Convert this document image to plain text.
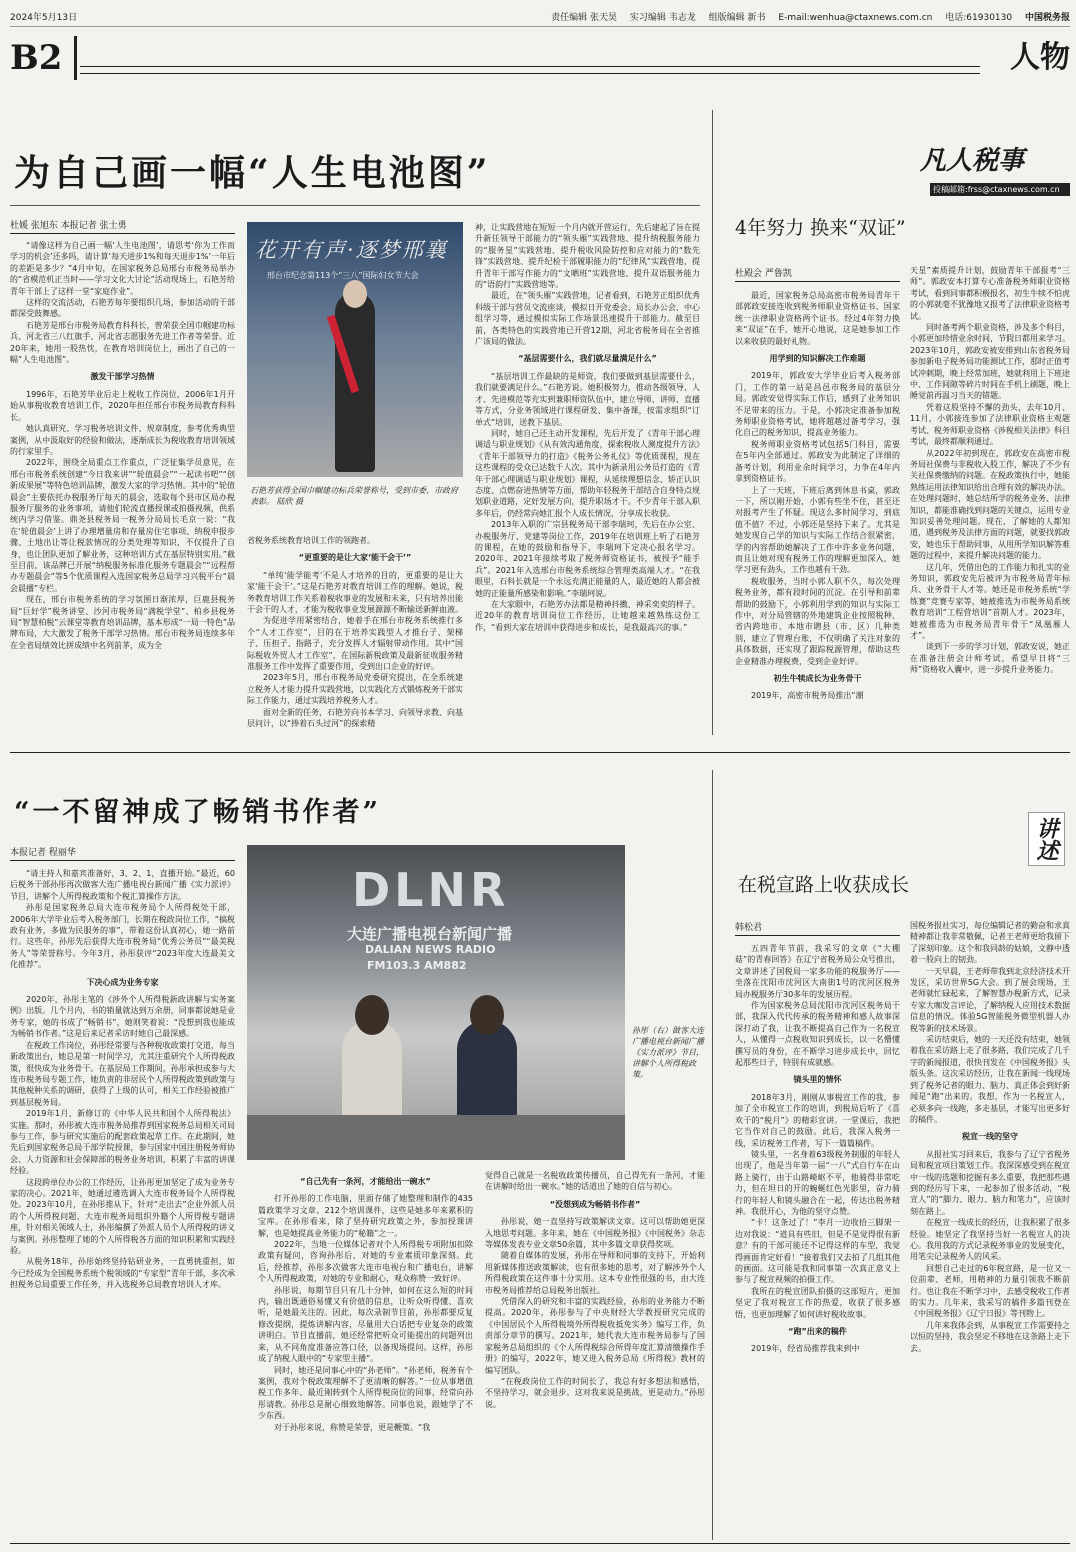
2024年5月13日	责任编辑 张天昊 实习编辑 韦志龙 组版编辑 新书 E-mail:wenhua@ctaxnews.com.cn 电话:61930130 中国税务报
B2	人物
为自己画一幅“人生电池图”
杜媛 张旭东 本报记者 张士勇

“请像这样为自己画一幅‘人生电池图’，请思考‘你为工作而学习的机会’还多吗，请计算‘每天进步1%和每天退步1%’一年后的差距是多少？”4月中旬，在国家税务总局邢台市税务局举办的“省模范机正当时——学习文化大讨论”活动现场上，石艳芳给青年干部上了这样一堂“家庭作业”。

这样的交流活动，石艳芳每年要组织几场，参加活动的干部都深受鼓舞感。

石艳芳是邢台市税务局教育科科长，曾荣获全国巾帼建功标兵、河北省三八红旗手、河北省志愿服务先进工作者等荣誉。近20年来，她用一股热忱，在教育培训岗位上，画出了自己的一幅“人生电池图”。

激发干部学习热情

1996年，石艳芳毕业后走上税收工作岗位，2006年1月开始从事税收教育培训工作，2020年担任邢台市税务局教育科科长。

她认真研究、学习税务培训文件、规章制度，参考优秀典型案例，从中汲取好的经验和做法，逐渐成长为税收教育培训领域的行家里手。

2022年，围绕全局重点工作重点，广泛征集学员意见，在邢台市税务系统创建“今日我来讲”“轮值晨会”“一起读书吧”“创新成果展”等特色培训品牌，激发大家的学习热情。其中的“轮值晨会”主要依托办税服务厅每天的晨会，选取每个县市区局办税服务厅服务的业务事项，请他们轮流直播授课或拍摄视频，供系统内学习借鉴。鼎尧县税务局一税务分局局长毛京一说：“我在‘轮值晨会’上讲了办理增量房和存量房住宅事项、纳税申报步骤、土地出让等让税款情况的分类处理等知识，不仅提升了自身，也让团队更加了解业务，这种培训方式在基层特别实用。”截至目前，该品牌已开展“纳税服务标准化服务专题晨会”“远程帮办专题晨会”等5个优质课程入选国家税务总局学习兴税平台“晨会晨播”专栏。

现在，邢台市税务系统的学习氛围日渐浓厚，巨鹿县税务局“巨好学”税务讲堂、沙河市税务局“满税学堂”、柏乡县税务局“智慧柏税”云课堂等教育培训品牌，基本形成“一局一特色”品牌布局，大大激发了税务干部学习热情。邢台市税务局连续多年在全省局绩效比拼成绩中名列前茅，成为全

花开有声·逐梦邢襄
邢台市纪念第113个“三八”国际妇女节大会
石艳芳获得全国巾帼建功标兵荣誉称号，受到市委、市政府表彰。 陆欣 摄

省税务系统教育培训工作的领跑者。

“更重要的是让大家‘能干会干’”

“单纯‘能学能考’不是人才培养的目的，更重要的是让大家‘能干会干’。”这是石艳芳对教育培训工作的理解。她说，税务教育培训工作关系着税收事业的发展和未来，只有培养出能干会干的人才，才能为税收事业发展源源不断输送新鲜血液。

为促进学用紧密结合，她着手在邢台市税务系统推行多个“人才工作室”，目的在于培养实践型人才推台子、架梯子、压担子、指路子，充分发挥人才辐射带动作用。其中“国际税收外贸人才工作室”，在国际新税政策及最新征收服务精准服务工作中发挥了重要作用，受到出口企业的好评。

2023年5月，邢台市税务局党委研究提出，在全系统建立税务人才能力提升实践营地，以实践化方式锻炼税务干部实际工作能力，通过实践培养税务人才。

面对全新的任务，石艳芳向书本学习、向领导求教、向基层问计，以“捧着石头过河”的探索精

神，让实践营地在短短一个月内就开营运行，先后建起了旨在提升新任领导干部能力的“领头雁”实践营地、提升纳税服务能力的“服务星”实践营地、提升税收风险防控和应对能力的“数先锋”实践营地、提升纪检干部履职能力的“纪律风”实践营地、提升青年干部写作能力的“文晒班”实践营地、提升双语服务能力的“语韵行”实践营地等。

最近，在“领头雁”实践营地，记者看到，石艳芳正组织优秀科级干部与营员交流座谈，模拟日开党委会、局长办公会、中心组学习等，通过模拟实际工作场景迅速提升干部能力。截至目前，各类特色的实践营地已开营12期，河北省税务局在全省推广该局的做法。

“基层需要什么，我们就尽量满足什么”

“基层培训工作最缺的是师资，我们要做到基层需要什么，我们就要满足什么。”石艳芳说。她积极努力，推动各级领导、人才、先进模范等充实到兼职师资队伍中，建立导师、讲师、直播等方式，分业务领域进行课程研发、集中备课，按需求组织“订单式”培训，送教下基层。

同时，她自己还主动开发课程，先后开发了《青年干部心理调适与职业规划》《从有效沟通角度，探索税收人测度提升方法》《青年干部领导力的打造》《税务公务礼仪》等优质课程，现在这些课程的受众已达数千人次。其中为新录用公务员打造的《青年干部心理调适与职业规划》课程，从延续理想信念、矫正认识态度、点燃奋进热情等方面，帮助年轻税务干部结合自身特点规划职业道路，定好发展方向，提升职场才干。不少青年干部入职多年后，仍经常向她汇报个人成长情况，分享成长收获。

2013年入职的广宗县税务局干部李瑞珂，先后在办公室、办税服务厅、党建等岗位工作，2019年在培训班上听了石艳芳的课程，在她的鼓励和指导下，李瑞珂下定决心报名学习。2020年、2021年接续考取了税务师资格证书，被授予“能手兵”。2021年入选邢台市税务系统综合管理类高端人才。“在我眼里，石科长就是一个永远充满正能量的人，最近她的人都会被她的正能量所感染和影响。”李瑞珂说。

在大家眼中，石艳芳办法都是精神抖擞、神采奕奕的样子。近20年的教育培训岗位工作经历，让她越来越熟练这份工作，“看到大家在培训中获得进步和成长，是我最高兴的事。”

凡人税事
投稿邮箱:frss@ctaxnews.com.cn
4年努力 换来“双证”
杜殿会 严鲁凯

最近，国家税务总局高密市税务局青年干部郭政安接连收到税务师职业资格证书、国家统一法律职业资格两个证书。经过4年努力换来“双证”在手，她开心地说，这是她参加工作以来收获的最好礼物。

用学到的知识解决工作难题

2019年，郭政安大学毕业后考入税务部门，工作的第一站是昌邑市税务局的基层分局。郭政安觉得实际工作后，感到了业务知识不足带来的压力。于是，小郭决定准备参加税务师职业资格考试，她将超越过备考学习，强化自己的税务知识，提高业务能力。

税务师职业资格考试包括5门科目，需要在5年内全部通过。郭政安为此制定了详细的备考计划，利用业余时间学习，力争在4年内拿到资格证书。

上了一天班，下班后离到休息书桌，郭政一下，所以刚开始，小郭有些坐不住，甚至还对报考产生了怀疑。现这么多时间学习，到底值不值？不过，小郭还是坚持下来了。尤其是她发现自己学的知识与实际工作结合很紧密，学的内容帮助她解决了工作中许多业务问题，而且让她对现有税务工作的理解更加深入，她学习更有劲头，工作也越有干劲。

税收服务，当时小郭人职不久，每次处理税务业务，都有段时间的沉淀。在引导和前辈帮助的鼓励下，小郭利用学到的知识与实际工作中，对分局管辖的外地建筑企业按照税种、省内跨地市、本地市聘县（市、区）几种类别，建立了管理台账，不仅明确了关注对象的具体数据，还实现了跟踪税源管理，帮助这些企业精准办理税费，受到企业好评。

初生牛犊成长为业务骨干

2019年，高密市税务局推出“潮

天星”素质提升计划，鼓励青年干部报考“三师”。郭政安本打算专心准备税务师职业资格考试，看到同事都积极报名，初生牛犊不怕虎的小郭就毫不犹豫地又报考了法律职业资格考试。

同时备考两个职业资格，涉及多个科目，小郭更加珍惜业余时间，节假日都用来学习。2023年10月，郭政安被安排到山东省税务局参加新电子税务局功能测试工作，那时正值考试冲刺期，晚上经常加班，她就利用上下班途中、工作间隙等碎片时间在手机上刷题，晚上睡觉前再温习当天的错题。

凭着这股坚持不懈的劲头，去年10月、11月，小郭接连参加了法律职业资格主观题考试、税务师职业资格《涉税相关法律》科目考试，最终都顺利通过。

从2022年初到现在，郭政安在高密市税务局社保费与非税收入股工作，解决了不少有关社保费缴纳的问题。在税政策执行中，她能熟练运用法律知识给出合理有效的解决办法。在处理问题时，她总结所学的税务业务、法律知识，都能准确找到问题的关键点，运用专业知识妥善处理问题。现在，了解她的人都知道，遇到税务及法律方面的问题，就要找郭政安，她也乐于帮助同事，从用所学知识解答难题的过程中，来提升解决问题的能力。

这几年，凭借出色的工作能力和扎实的业务知识，郭政安先后被评为市税务局青年标兵、业务骨干人才等。她还是市税务系统“学练赛”竞赛专家等，她被推选为市税务局系统教育培训“工程营培训”首期人才。2023年，她被推选为市税务局青年骨干“凤凰雁人才”。

谈到下一步的学习计划，郭政安说，她正在准备注册会计师考试，希望早日将“三师”资格收入囊中，进一步提升业务能力。

“一不留神成了畅销书作者”
本报记者 程丽华

“请主持人和嘉宾准备好，3、2、1，直播开始。”最近，60后税务干部孙彤再次做客大连广播电视台新闻广播《实力派评》节目，讲解个人所得税政策和个税汇算操作方法。

孙彤是国家税务总局大连市税务局个人所得税处干部，2006年大学毕业后考入税务部门，长期在税政岗位工作，“搞税政有业务，多做为民服务的事”，带着这份认真初心，她一路前行。这些年，孙彤先后获得大连市税务局“优秀公务员”“最美税务人”等荣誉称号。今年3月，孙彤获评“2023年度大连最美文化推荐”。

下决心成为业务专家

2020年，孙彤主笔的《涉外个人所得税新政讲解与实务案例》出版。几个月内，书的销量就达到万余册，同事都说她是业务专家，她的书成了“畅销书”，她则笑着说：“没想到我也能成为畅销书作者。”这是后来记者采访时她自己最深感。

在税政工作岗位，孙彤经常要与各种税收政策打交道，每当新政策出台，她总是第一时间学习，尤其注重研究个人所得税政策，很快成为业务骨干。在基层局工作期间，孙彤承担或参与大连市税务局专题工作，她负责的非居民个人所得税政策到政策与其他税种关系的调研，获得了上级的认可，相关工作经验被推广到基层税务局。

2019年1月，新修订的《中华人民共和国个人所得税法》实施。那时，孙彤被大连市税务局推荐到国家税务总局相关司局参与工作，参与研究实施后的配套政策起草工作。在此期间，她先后到国家税务总局干部学院授课，参与国家中国注册税务师协会、人力资源和社会保障部的税务业务培训，积累了丰富的讲课经验。

这段跨单位办公的工作经历，让孙彤更加坚定了成为业务专家的决心。2021年，她通过遴选调入大连市税务局个人所得税处。2023年10月，在孙彤推从下，针对“走出去”企业外派人员的个人所得税问题，大连市税务局组织外籍个人所得税专题讲座，针对相关领域人士，孙彤编撰了外派人员个人所得税的讲义与案例。孙彤整理了她的个人所得税各方面的知识积累和实践经验。

从税务18年，孙彤始终坚持钻研业务，一直勇挑重担，如今已经成为全国税务系统个税领域的“专家型”青年干部，多次承担税务总局重要工作任务，并入选税务总局教育培训人才库。

DLNR
大连广播电视台新闻广播
DALIAN NEWS RADIO
FM103.3 AM882
孙彤（右）做客大连广播电视台新闻广播《实力派评》节目，讲解个人所得税政策。

“自己先有一条河，才能给出一碗水”

打开孙彤的工作电脑，里面存储了她整理和制作的435篇政策学习文章、212个培训课件，这些是她多年来累积的宝库。在孙彤看来，除了坚持研究政策之外，参加授课讲解，也是她提高业务能力的“秘籍”之一。

2022年，当地一位媒体记者对个人所得税专项附加扣除政策有疑问，咨询孙彤后，对她的专业素质印象深刻。此后，经推荐，孙彤多次做客大连市电视台和广播电台，讲解个人所得税政策，对她的专业和耐心，观众称赞一致好评。

孙彤说，每期节目只有几十分钟，如何在这么短的时间内，输出既通俗易懂又有价值的信息，让听众听得懂、喜欢听，是她最关注的。因此，每次录制节目前，孙彤都要反复修改提纲，提炼讲解内容，尽量用大白话把专业复杂的政策讲明白。节目直播前，她还经常把听众可能提出的问题列出来，从不同角度准备应答口径，以备现场提问。这样，孙彤成了纳税人眼中的“专家型主播”。

同时，她还是同事心中的“孙老师”。“孙老师，税务有个案例，我对个税政策理解不了更清晰的解答。”一位从事增值税工作多年、最近刚转到个人所得税岗位的同事，经常向孙彤请教。孙彤总是耐心细致地解答。同事也说，跟她学了不少东西。

对于孙彤来说，称赞是荣誉，更是鞭策。“我

觉得自己就是一名税收政策传播员，自己得先有一条河，才能在讲解时给出一碗水。”她的话道出了她的自信与初心。

“没想到成为畅销书作者”

孙彤说，她一直坚持写政策解读文章。这可以帮助她更深入地思考问题。多年来，她在《中国税务报》《中国税务》杂志等媒体发表专业文章50余篇，其中多篇文章获得奖项。

随着自媒体的发展，孙彤在导师和同事的支持下，开始利用新媒体推送政策解读，也有很多她的思考，对了解涉外个人所得税政策在这件事十分实用。这本专业性很强的书，由大连市税务局推荐给总局税务出版社。

凭借深入的研究和丰富的实践经验，孙彤的业务能力不断提高。2020年，孙彤参与了中央财经大学教授研究完成的《中国居民个人所得税境外所得税收抵免实务》编写工作，负责部分章节的撰写。2021年，她代表大连市税务局参与了国家税务总局组织的《个人所得税综合所得年度汇算清缴操作手册》的编写，2022年，她又进入税务总局《所得税》教材的编写团队。

“在税政岗位工作的时间长了，我总有好多想法和感悟，不坚持学习，就会退步。这对我来说是挑战，更是动力。”孙彤说。

讲述
在税宣路上收获成长
韩松君

五四青年节前，我采写的文章《“大棚菇”的青春回答》在辽宁省税务局公众号推出，文章讲述了国税局一家多功能的税服务厅——坐落在沈阳市沈河区大南街1号的沈河区税务局办税服务厅30多年的发展历程。

作为国家税务总局沈阳市沈河区税务局干部，我深入代代传承的税务精神和感人故事深深打动了我，让我不断提高自己作为一名税宣人，从懂得一点税收知识到成长，以一名懵懂撰写员的身份，在不断学习进步成长中，回忆起那些日子，特别有成就感。

镜头里的情怀

2018年3月，刚刚从事税宣工作的我，参加了全市税宣工作的培训，到税局后听了《喜欢干的“税月”》的精彩宣讲。一堂课后，我把它当作对自己的鼓励。此后，我深入税务一线，采访税务工作者，写下一篇篇稿件。

镜头里，一名身着63级税务制服的年轻人出现了，他是当年第一届“一八”式自行车在山路上骑行，由于山路崎岖不平，他骑得非常吃力，但在坦日的开的蜿蜒红色光影里，奋力骑行的年轻人和镜头融合在一起，传达出税务精神。我很开心，为他的坚守点赞。

“卡！这条过了！”李月一边收拾三脚架一边对我说：“道具有些旧，但是不是觉得很有新意？有的干部可能还不记得这样的车型，我觉得画面肯定好看！”接着我们又去拍了几组其他的画面。这可能是我和同事第一次真正意义上参与了税宣视频的拍摄工作。

我所在的税宣团队拍摄的这部短片，更加坚定了我对税宣工作的热爱，收获了很多感悟，也更加理解了如何讲好税收故事。

“跑”出来的稿件

2019年，经省局推荐我来到中

国税务报社实习，每位编辑记者的勤奋和求真精神都让我非常敬佩，记者王老师更给我留下了深刻印象。这个和我同龄的姑娘，文静中透着一股向上的韧劲。

一天早晨，王老师带我到北京经济技术开发区，采访世界5G大会。到了展会现场，王老师就忙碌起来，了解智慧办税新方式，记录专家大咖发言评论，了解纳税人应用技术数据信息的情况。体验5G智能税务微型机器人办税等新的技术场景。

采访结束后，她的一天还没有结束，她领着我在采访路上走了很多路，我们完成了几千字的新闻报道，很快刊发在《中国税务报》头版头条。这次采访经历，让我在新闻一线现场到了税务记者的眼力、脑力、真正体会到好新闻是“跑”出来的。我想，作为一名税宣人，必须多向一线跑，多走基层，才能写出更多好的稿件。

税宣一线的坚守

从报社实习回来后，我参与了辽宁省税务局和税宣项目策划工作。我深深感受到在税宣中一线的选题和挖掘有多么重要，我把那些遇到的经历写下来，一起参加了很多活动，“税宣人”的“脚力、眼力、脑力和笔力”，应该时刻在路上。

在税宣一线成长的经历，让我积累了很多经验。她坚定了我坚持当好一名税宣人的决心。我用我的方式记录税务事业的发展变化，用笔尖记录税务人的风采。

回想自己走过的6年税宣路，是一位又一位前辈、老师，用精神的力量引领我不断前行。也让我在不断学习中，去感受税收工作者的实力。几年来，我采写的稿件多篇刊登在《中国税务报》《辽宁日报》等刊物上。

几年来我体会到，从事税宣工作需要持之以恒的坚持，我会坚定不移地在这条路上走下去。
